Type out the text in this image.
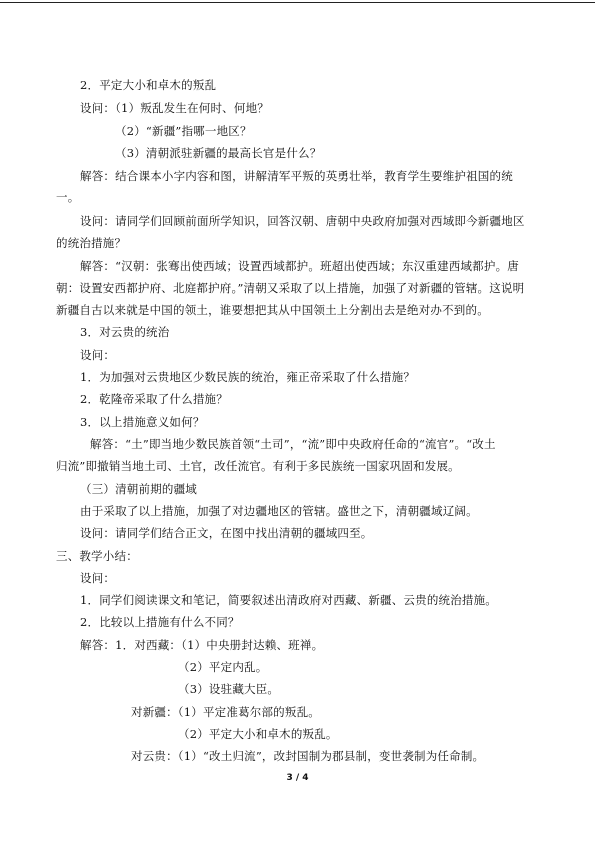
2．平定大小和卓木的叛乱
设问：（1）叛乱发生在何时、何地？
（2）“新疆”指哪一地区？
（3）清朝派驻新疆的最高长官是什么？
解答：结合课本小字内容和图，讲解清军平叛的英勇壮举，教育学生要维护祖国的统
一。
设问：请同学们回顾前面所学知识，回答汉朝、唐朝中央政府加强对西域即今新疆地区
的统治措施？
解答：“汉朝：张骞出使西域；设置西域都护。班超出使西域；东汉重建西域都护。唐
朝：设置安西都护府、北庭都护府。”清朝又采取了以上措施，加强了对新疆的管辖。这说明
新疆自古以来就是中国的领土，谁要想把其从中国领土上分割出去是绝对办不到的。
3．对云贵的统治
设问：
1．为加强对云贵地区少数民族的统治，雍正帝采取了什么措施？
2．乾隆帝采取了什么措施？
3．以上措施意义如何？
解答：“土”即当地少数民族首领“土司”，“流”即中央政府任命的“流官”。“改土
归流”即撤销当地土司、土官，改任流官。有利于多民族统一国家巩固和发展。
（三）清朝前期的疆域
由于采取了以上措施，加强了对边疆地区的管辖。盛世之下，清朝疆域辽阔。
设问：请同学们结合正文，在图中找出清朝的疆域四至。
三、教学小结：
设问：
1．同学们阅读课文和笔记，简要叙述出清政府对西藏、新疆、云贵的统治措施。
2．比较以上措施有什么不同？
解答：1．对西藏：（1）中央册封达赖、班禅。
（2）平定内乱。
（3）设驻藏大臣。
对新疆：（1）平定准葛尔部的叛乱。
（2）平定大小和卓木的叛乱。
对云贵：（1）“改土归流”，改封国制为郡县制，变世袭制为任命制。
3 / 4
